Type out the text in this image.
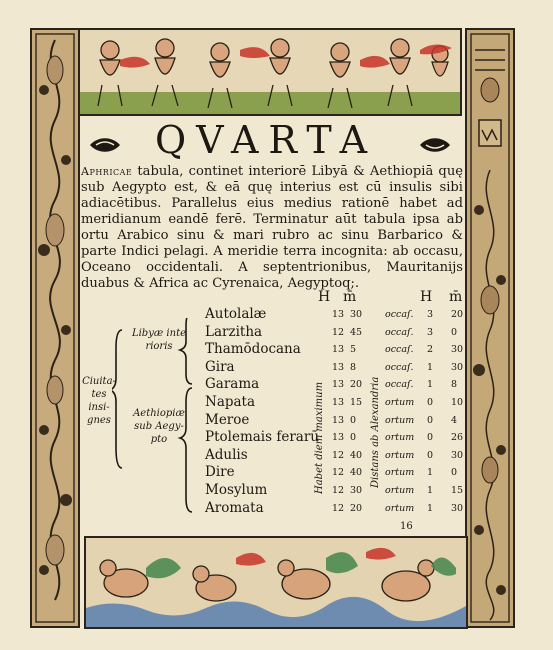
QVARTA
Aphricae tabula, continet interiorē Libyā & Aethiopiā quę sub Aegypto est, & eā quę interius est cū insulis sibi adiacētibus. Parallelus eius medius rationē habet ad meridianum eandē ferē. Terminatur aūt tabula ipsa ab ortu Arabico sinu & mari rubro ac sinu Barbarico & parte Indici pelagi. A meridie terra incognita: ab occasu, Oceano occidentali. A septentrionibus, Mauritanijs duabus & Africa ac Cyrenaica, Aegyptoq;.
H m̄	H m̄
Ciuita-
tes insi-
gnes
Libyæ inte
rioris
Aethiopiæ
sub Aegy-
pto	Habet diem maximum	Distans ab Alexandria
Autolalæ	13 30 occaſ. 3 20
Larzitha	12 45 occaſ. 3 0
Thamōdocana	13 5	occaſ. 2 30
Gira	13 8	occaſ. 1 30
Garama	13 20 occaſ. 1 8
Napata	13 15 ortum 0 10
Meroe	13 0	ortum 0 4
Ptolemais ferarū 13 0	ortum 0 26
Adulis	12 40 ortum 0 30
Dire	12 40 ortum 1 0
Mosylum	12 30 ortum 1 15
Aromata	12 20 ortum 1 30
16
